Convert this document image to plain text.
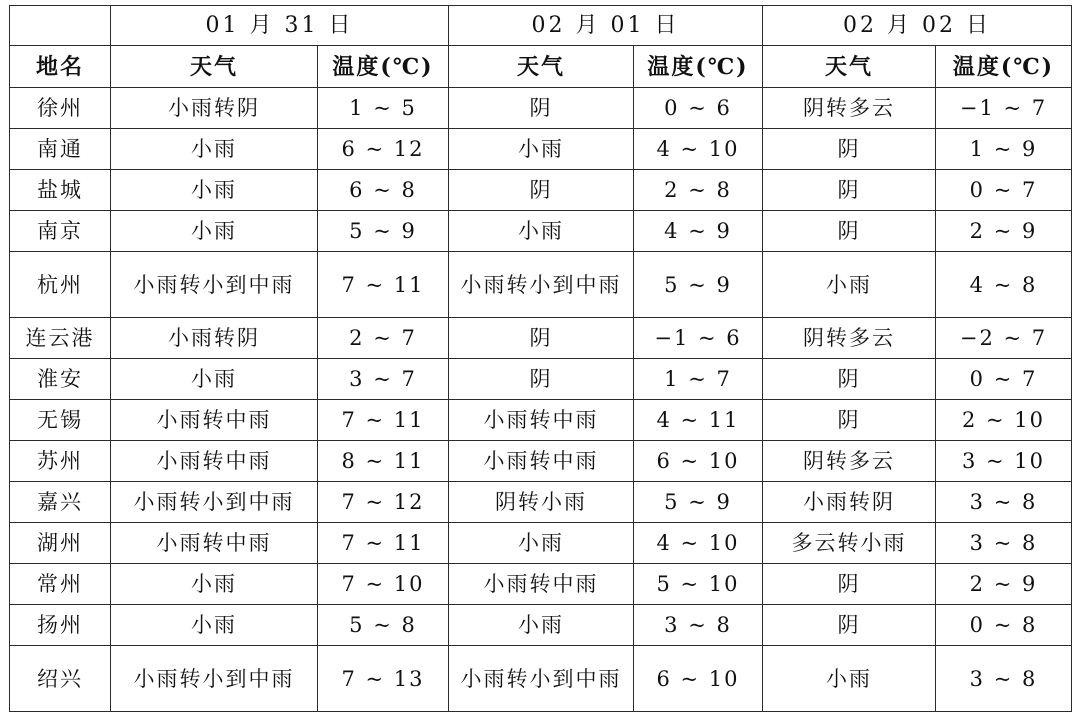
	01 月 31 日		02 月 01 日		02 月 02 日	
地名	天气	温度(℃)	天气	温度(℃)	天气	温度(℃)
徐州	小雨转阴	1 ~ 5	阴	0 ~ 6	阴转多云	−1 ~ 7
南通	小雨	6 ~ 12	小雨	4 ~ 10	阴	1 ~ 9
盐城	小雨	6 ~ 8	阴	2 ~ 8	阴	0 ~ 7
南京	小雨	5 ~ 9	小雨	4 ~ 9	阴	2 ~ 9
杭州	小雨转小到中雨	7 ~ 11	小雨转小到中雨	5 ~ 9	小雨	4 ~ 8
连云港	小雨转阴	2 ~ 7	阴	−1 ~ 6	阴转多云	−2 ~ 7
淮安	小雨	3 ~ 7	阴	1 ~ 7	阴	0 ~ 7
无锡	小雨转中雨	7 ~ 11	小雨转中雨	4 ~ 11	阴	2 ~ 10
苏州	小雨转中雨	8 ~ 11	小雨转中雨	6 ~ 10	阴转多云	3 ~ 10
嘉兴	小雨转小到中雨	7 ~ 12	阴转小雨	5 ~ 9	小雨转阴	3 ~ 8
湖州	小雨转中雨	7 ~ 11	小雨	4 ~ 10	多云转小雨	3 ~ 8
常州	小雨	7 ~ 10	小雨转中雨	5 ~ 10	阴	2 ~ 9
扬州	小雨	5 ~ 8	小雨	3 ~ 8	阴	0 ~ 8
绍兴	小雨转小到中雨	7 ~ 13	小雨转小到中雨	6 ~ 10	小雨	3 ~ 8
